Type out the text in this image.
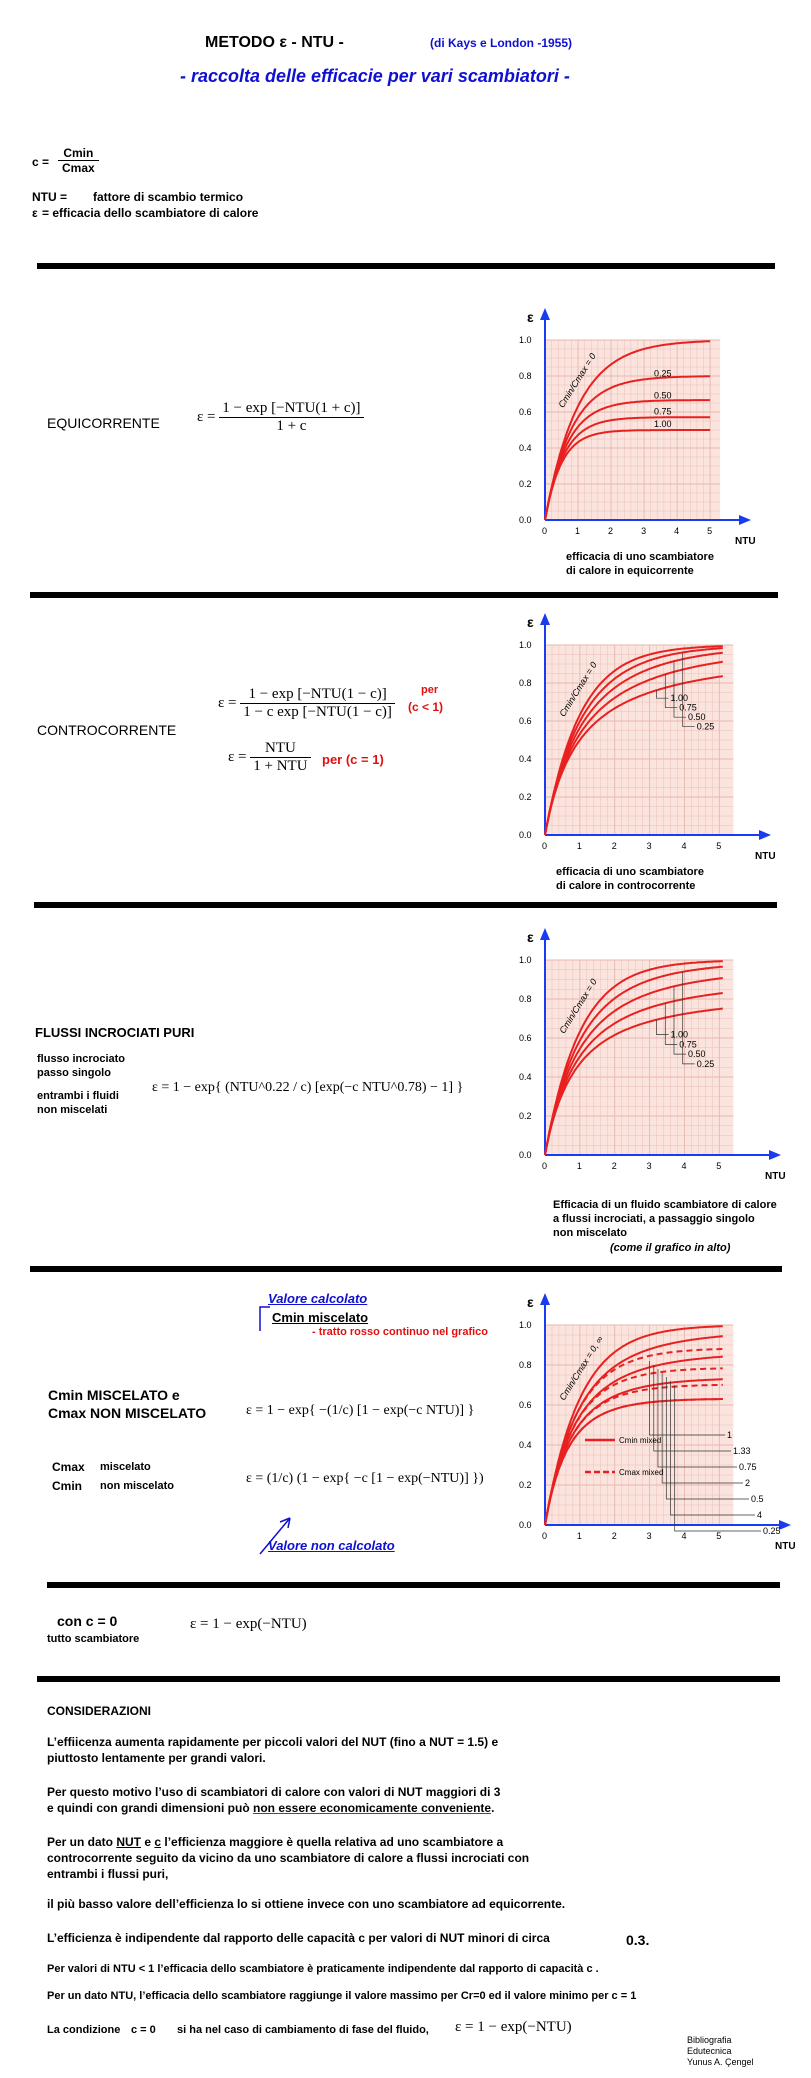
METODO ε - NTU -	(di Kays e London -1955)
- raccolta delle efficacie per vari scambiatori -
c =
Cmin
Cmax
NTU = fattore di scambio termico
ε = efficacia dello scambiatore di calore
EQUICORRENTE $\varepsilon = \frac{\text{1 − exp [−NTU(1 + c)]}}{1 + c}$
ε
NTU
0	1	2	3	4	5
0.0
0.2
0.4
0.6
0.8
1.0
0.25
0.50
0.75
1.00
Cmin/Cmax = 0
efficacia di uno scambiatore
di calore in equicorrente
CONTROCORRENTE
$\varepsilon = \frac{\text{1 − exp [−NTU(1 − c)]}}{\text{1 − c exp [−NTU(1 − c)]}}$ per
(c < 1)
$\varepsilon = \frac{\text{NTU}}{\text{1 + NTU}}$ per (c = 1)
ε
NTU
0	1	2	3	4	5
0.0
0.2
0.4
0.6
0.8
1.0
1.00
0.75
0.50
0.25
Cmin/Cmax = 0
efficacia di uno scambiatore
di calore in controcorrente
FLUSSI INCROCIATI PURI
flusso incrociato
passo singolo
entrambi i fluidi
non miscelati
ε = 1 − exp{ (NTU^0.22 / c) [exp(−c NTU^0.78) − 1] }
ε
NTU
0	1	2	3	4	5
0.0
0.2
0.4
0.6
0.8
1.0
1.00
0.75
0.50
0.25
Cmin/Cmax = 0
Efficacia di un fluido scambiatore di calore
a flussi incrociati, a passaggio singolo
non miscelato
(come il grafico in alto)
Valore calcolato
Cmin miscelato
- tratto rosso continuo nel grafico
Cmin MISCELATO e
Cmax NON MISCELATO	ε = 1 − exp{ −(1/c) [1 − exp(−c NTU)] }
Cmax miscelato
Cmin non miscelato	ε = (1/c) (1 − exp{ −c [1 − exp(−NTU)] })
Valore non calcolato
ε
NTU
0	1	2	3	4	5
0.0
0.2
0.4
0.6
0.8
1.0
1
1.33
0.75
2
0.5
4
0.25
Cmin mixed
Cmax mixed
Cmin/Cmax = 0, ∞
con c = 0
tutto scambiatore
ε = 1 − exp(−NTU)
CONSIDERAZIONI
L’effiicenza aumenta rapidamente per piccoli valori del NUT (fino a NUT = 1.5) e
piuttosto lentamente per grandi valori.
Per questo motivo l’uso di scambiatori di calore con valori di NUT maggiori di 3
e quindi con grandi dimensioni può non essere economicamente conveniente.
Per un dato NUT e c l’efficienza maggiore è quella relativa ad uno scambiatore a
controcorrente seguito da vicino da uno scambiatore di calore a flussi incrociati con
entrambi i flussi puri,
il più basso valore dell’efficienza lo si ottiene invece con uno scambiatore ad equicorrente.
L’efficienza è indipendente dal rapporto delle capacità c per valori di NUT minori di circa	0.3.
Per valori di NTU < 1 l’efficacia dello scambiatore è praticamente indipendente dal rapporto di capacità c .
Per un dato NTU, l’efficacia dello scambiatore raggiunge il valore massimo per Cr=0 ed il valore minimo per c = 1
La condizione c = 0 si ha nel caso di cambiamento di fase del fluido, ε = 1 − exp(−NTU)
Bibliografia
Edutecnica
Yunus A. Çengel
